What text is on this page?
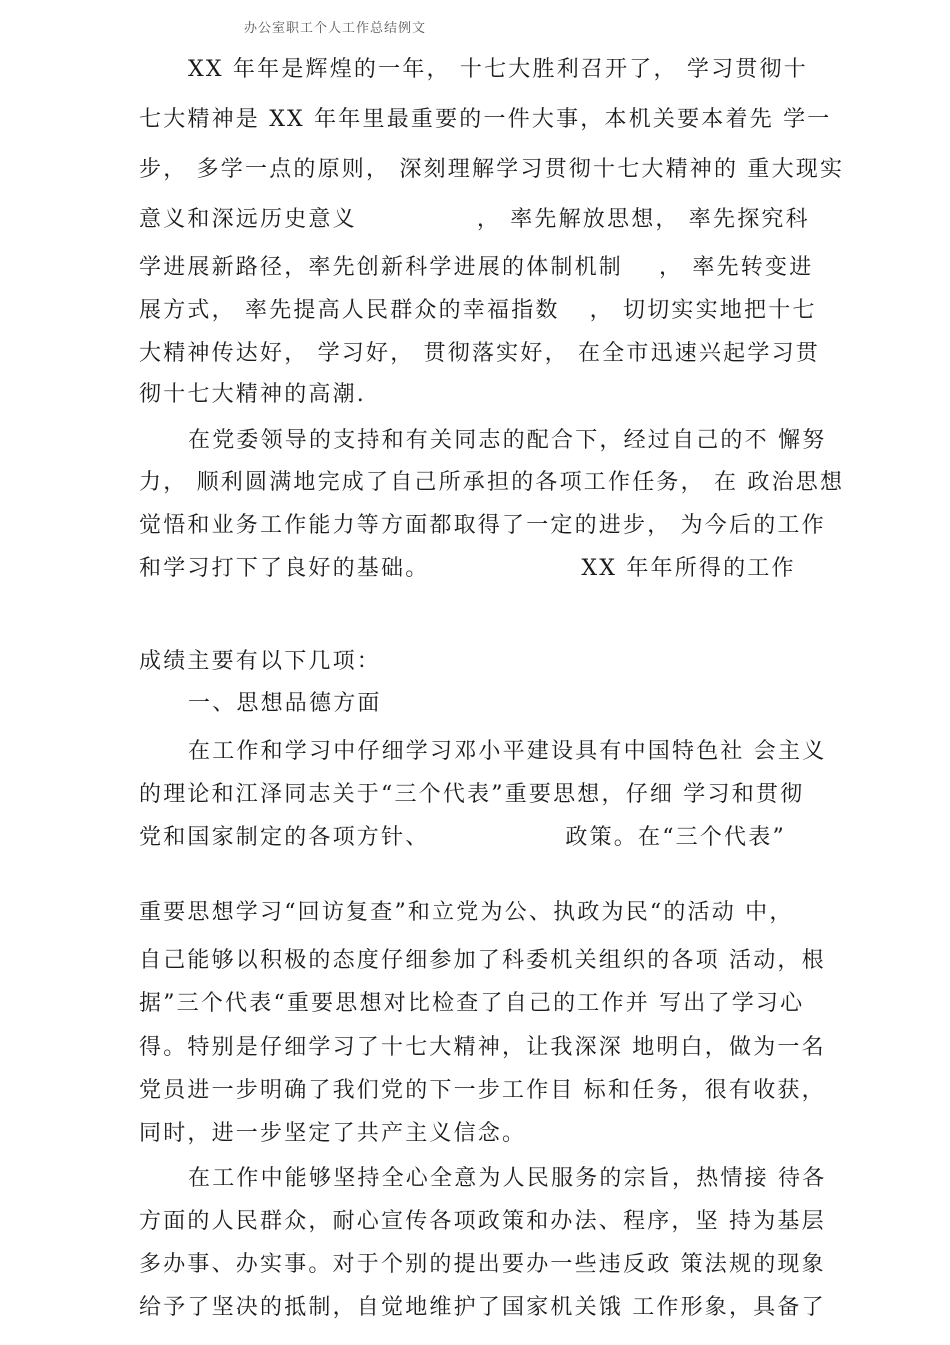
办公室职工个人工作总结例文
XX 年年是辉煌的一年， 十七大胜利召开了， 学习贯彻十
七大精神是 XX 年年里最重要的一件大事，本机关要本着先 学一
步， 多学一点的原则， 深刻理解学习贯彻十七大精神的 重大现实
意义和深远历史意义	， 率先解放思想， 率先探究科
学进展新路径，率先创新科学进展的体制机制 ， 率先转变进
展方式， 率先提高人民群众的幸福指数 ， 切切实实地把十七
大精神传达好， 学习好， 贯彻落实好， 在全市迅速兴起学习贯
彻十七大精神的高潮.
在党委领导的支持和有关同志的配合下，经过自己的不 懈努
力， 顺利圆满地完成了自己所承担的各项工作任务， 在 政治思想
觉悟和业务工作能力等方面都取得了一定的进步， 为今后的工作
和学习打下了良好的基础。	XX 年年所得的工作
成绩主要有以下几项：
一、思想品德方面
在工作和学习中仔细学习邓小平建设具有中国特色社 会主义
的理论和江泽同志关于“三个代表”重要思想，仔细 学习和贯彻
党和国家制定的各项方针、	政策。在“三个代表”
重要思想学习“回访复查”和立党为公、执政为民“的活动 中，
自己能够以积极的态度仔细参加了科委机关组织的各项 活动，根
据”三个代表“重要思想对比检查了自己的工作并 写出了学习心
得。特别是仔细学习了十七大精神，让我深深 地明白，做为一名
党员进一步明确了我们党的下一步工作目 标和任务，很有收获，
同时，进一步坚定了共产主义信念。
在工作中能够坚持全心全意为人民服务的宗旨，热情接 待各
方面的人民群众，耐心宣传各项政策和办法、程序，坚 持为基层
多办事、办实事。对于个别的提出要办一些违反政 策法规的现象
给予了坚决的抵制，自觉地维护了国家机关饿 工作形象，具备了
